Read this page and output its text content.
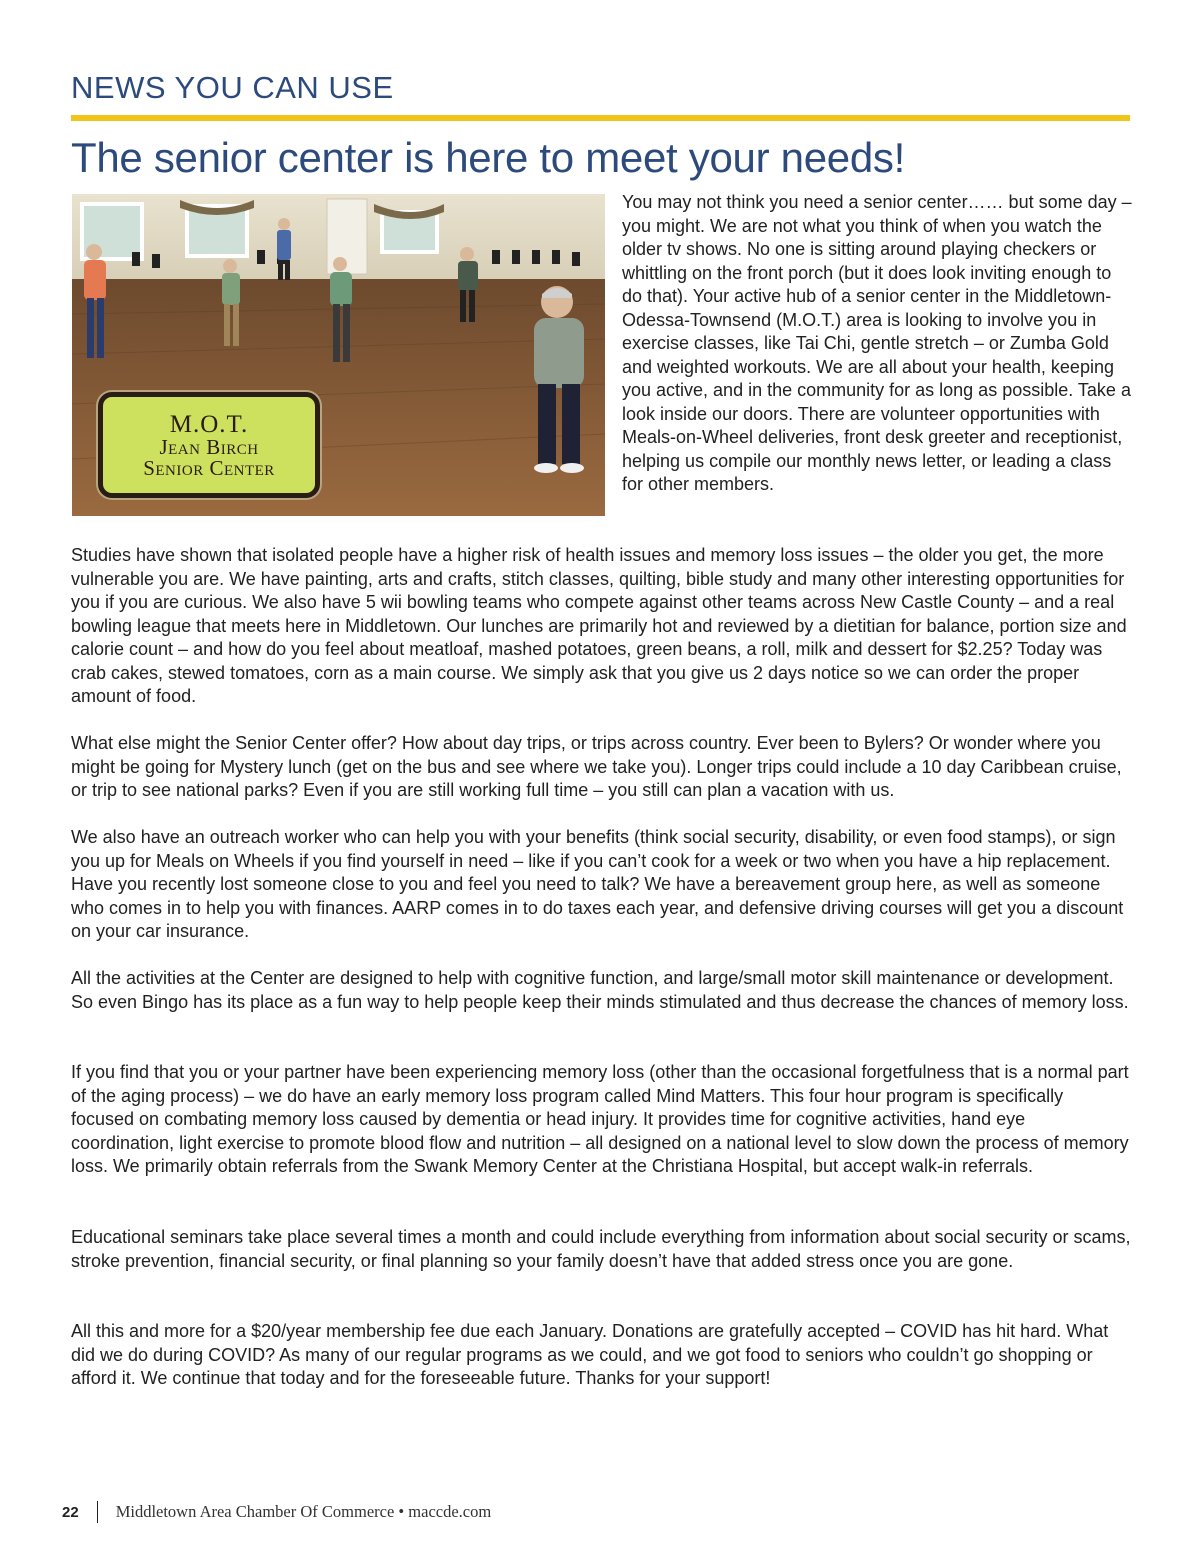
NEWS YOU CAN USE
The senior center is here to meet your needs!
M.O.T.
Jean Birch
Senior Center

You may not think you need a senior center…… but some day – you might. We are not what you think of when you watch the older tv shows. No one is sitting around playing checkers or whittling on the front porch (but it does look inviting enough to do that). Your active hub of a senior center in the Middletown- Odessa-Townsend (M.O.T.) area is looking to involve you in exercise classes, like Tai Chi, gentle stretch – or Zumba Gold and weighted workouts. We are all about your health, keeping you active, and in the community for as long as possible. Take a look inside our doors. There are volunteer opportunities with Meals-on-Wheel deliveries, front desk greeter and receptionist, helping us compile our monthly news letter, or leading a class for other members.

Studies have shown that isolated people have a higher risk of health issues and memory loss issues – the older you get, the more vulnerable you are. We have painting, arts and crafts, stitch classes, quilting, bible study and many other interesting opportunities for you if you are curious. We also have 5 wii bowling teams who compete against other teams across New Castle County – and a real bowling league that meets here in Middletown. Our lunches are primarily hot and reviewed by a dietitian for balance, portion size and calorie count – and how do you feel about meatloaf, mashed potatoes, green beans, a roll, milk and dessert for $2.25? Today was crab cakes, stewed tomatoes, corn as a main course. We simply ask that you give us 2 days notice so we can order the proper amount of food.

What else might the Senior Center offer? How about day trips, or trips across country. Ever been to Bylers? Or wonder where you might be going for Mystery lunch (get on the bus and see where we take you). Longer trips could include a 10 day Caribbean cruise, or trip to see national parks? Even if you are still working full time – you still can plan a vacation with us.

We also have an outreach worker who can help you with your benefits (think social security, disability, or even food stamps), or sign you up for Meals on Wheels if you find yourself in need – like if you can’t cook for a week or two when you have a hip replacement. Have you recently lost someone close to you and feel you need to talk? We have a bereavement group here, as well as someone who comes in to help you with finances. AARP comes in to do taxes each year, and defensive driving courses will get you a discount on your car insurance.

All the activities at the Center are designed to help with cognitive function, and large/small motor skill maintenance or development. So even Bingo has its place as a fun way to help people keep their minds stimulated and thus decrease the chances of memory loss.

If you find that you or your partner have been experiencing memory loss (other than the occasional forgetfulness that is a normal part of the aging process) – we do have an early memory loss program called Mind Matters. This four hour program is specifically focused on combating memory loss caused by dementia or head injury. It provides time for cognitive activities, hand eye coordination, light exercise to promote blood flow and nutrition – all designed on a national level to slow down the process of memory loss. We primarily obtain referrals from the Swank Memory Center at the Christiana Hospital, but accept walk-in referrals.

Educational seminars take place several times a month and could include everything from information about social security or scams, stroke prevention, financial security, or final planning so your family doesn’t have that added stress once you are gone.

All this and more for a $20/year membership fee due each January. Donations are gratefully accepted – COVID has hit hard. What did we do during COVID? As many of our regular programs as we could, and we got food to seniors who couldn’t go shopping or afford it. We continue that today and for the foreseeable future. Thanks for your support!

22 Middletown Area Chamber Of Commerce • maccde.com
